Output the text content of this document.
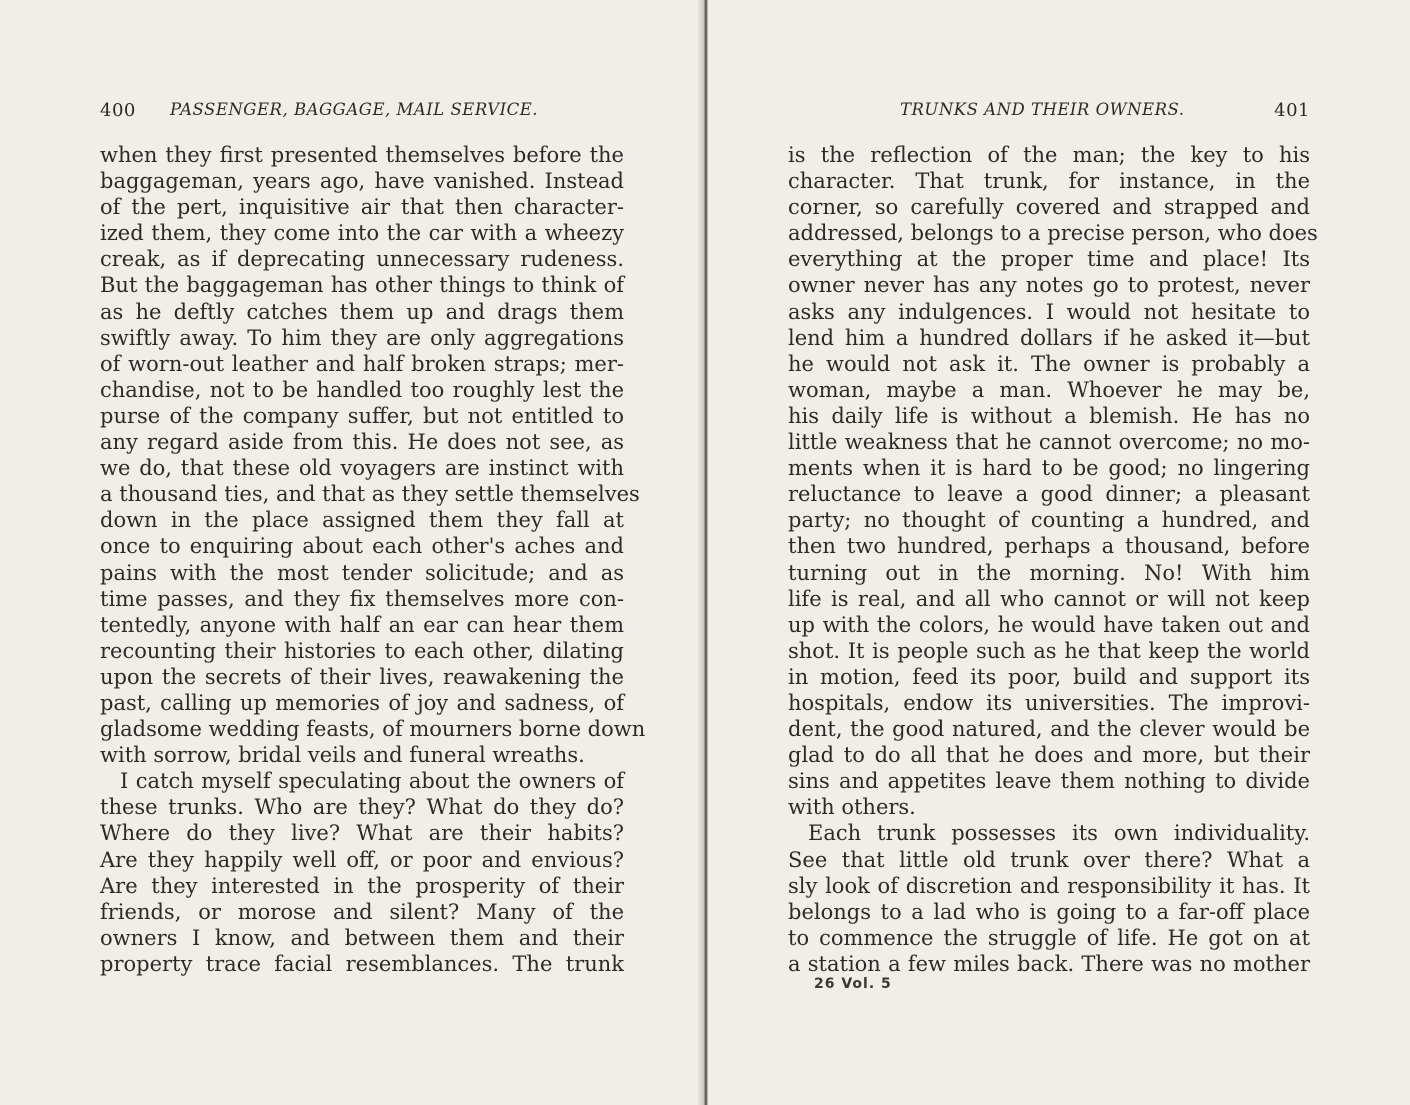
400 PASSENGER, BAGGAGE, MAIL SERVICE.
when they first presented themselves before the
baggageman, years ago, have vanished. Instead
of the pert, inquisitive air that then character-
ized them, they come into the car with a wheezy
creak, as if deprecating unnecessary rudeness.
But the baggageman has other things to think of
as he deftly catches them up and drags them
swiftly away. To him they are only aggregations
of worn-out leather and half broken straps; mer-
chandise, not to be handled too roughly lest the
purse of the company suffer, but not entitled to
any regard aside from this. He does not see, as
we do, that these old voyagers are instinct with
a thousand ties, and that as they settle themselves
down in the place assigned them they fall at
once to enquiring about each other's aches and
pains with the most tender solicitude; and as
time passes, and they fix themselves more con-
tentedly, anyone with half an ear can hear them
recounting their histories to each other, dilating
upon the secrets of their lives, reawakening the
past, calling up memories of joy and sadness, of
gladsome wedding feasts, of mourners borne down
with sorrow, bridal veils and funeral wreaths.
I catch myself speculating about the owners of
these trunks. Who are they? What do they do?
Where do they live? What are their habits?
Are they happily well off, or poor and envious?
Are they interested in the prosperity of their
friends, or morose and silent? Many of the
owners I know, and between them and their
property trace facial resemblances. The trunk
TRUNKS AND THEIR OWNERS.	401
is the reflection of the man; the key to his
character. That trunk, for instance, in the
corner, so carefully covered and strapped and
addressed, belongs to a precise person, who does
everything at the proper time and place! Its
owner never has any notes go to protest, never
asks any indulgences. I would not hesitate to
lend him a hundred dollars if he asked it—but
he would not ask it. The owner is probably a
woman, maybe a man. Whoever he may be,
his daily life is without a blemish. He has no
little weakness that he cannot overcome; no mo-
ments when it is hard to be good; no lingering
reluctance to leave a good dinner; a pleasant
party; no thought of counting a hundred, and
then two hundred, perhaps a thousand, before
turning out in the morning. No! With him
life is real, and all who cannot or will not keep
up with the colors, he would have taken out and
shot. It is people such as he that keep the world
in motion, feed its poor, build and support its
hospitals, endow its universities. The improvi-
dent, the good natured, and the clever would be
glad to do all that he does and more, but their
sins and appetites leave them nothing to divide
with others.
Each trunk possesses its own individuality.
See that little old trunk over there? What a
sly look of discretion and responsibility it has. It
belongs to a lad who is going to a far-off place
to commence the struggle of life. He got on at
a station a few miles back. There was no mother
26 Vol. 5
